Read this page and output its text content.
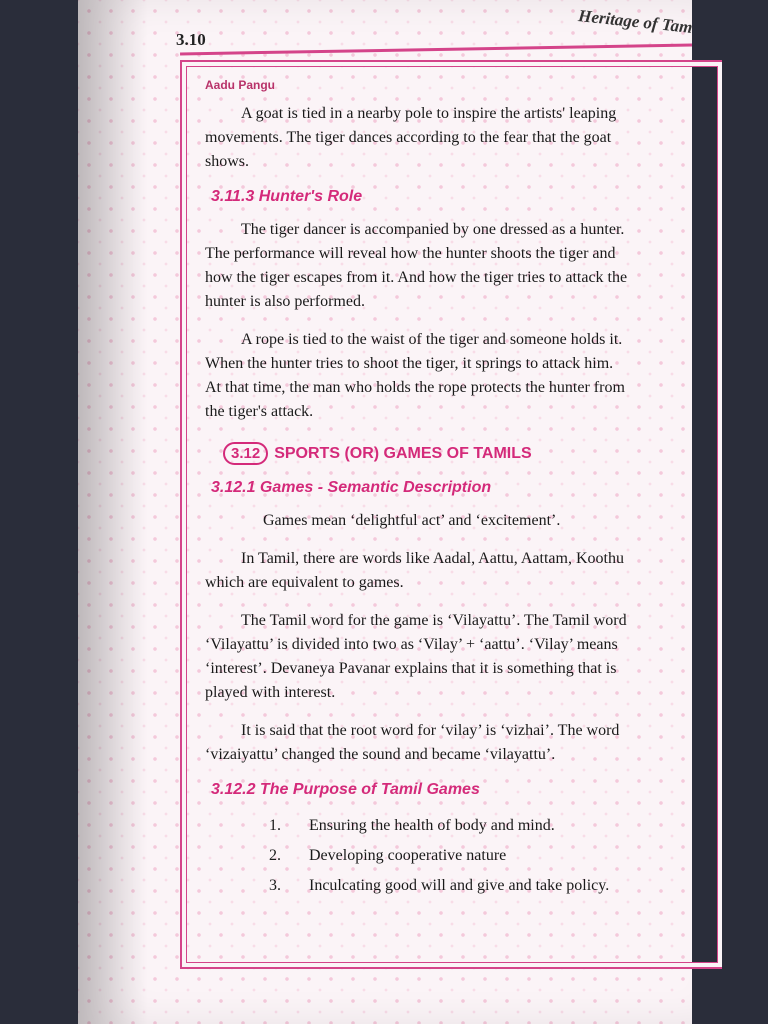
3.10
Heritage of Tam
Aadu Pangu

A goat is tied in a nearby pole to inspire the artists' leaping

movements. The tiger dances according to the fear that the goat

shows.

3.11.3 Hunter's Role

The tiger dancer is accompanied by one dressed as a hunter.

The performance will reveal how the hunter shoots the tiger and

how the tiger escapes from it. And how the tiger tries to attack the

hunter is also performed.

A rope is tied to the waist of the tiger and someone holds it.

When the hunter tries to shoot the tiger, it springs to attack him.

At that time, the man who holds the rope protects the hunter from

the tiger's attack.

3.12 SPORTS (OR) GAMES OF TAMILS
3.12.1 Games - Semantic Description

Games mean ‘delightful act’ and ‘excitement’.

In Tamil, there are words like Aadal, Aattu, Aattam, Koothu

which are equivalent to games.

The Tamil word for the game is ‘Vilayattu’. The Tamil word

‘Vilayattu’ is divided into two as ‘Vilay’ + ‘aattu’. ‘Vilay’ means

‘interest’. Devaneya Pavanar explains that it is something that is

played with interest.

It is said that the root word for ‘vilay’ is ‘vizhai’. The word

‘vizaiyattu’ changed the sound and became ‘vilayattu’.

3.12.2 The Purpose of Tamil Games
1.	Ensuring the health of body and mind.
2.	Developing cooperative nature
3.	Inculcating good will and give and take policy.
